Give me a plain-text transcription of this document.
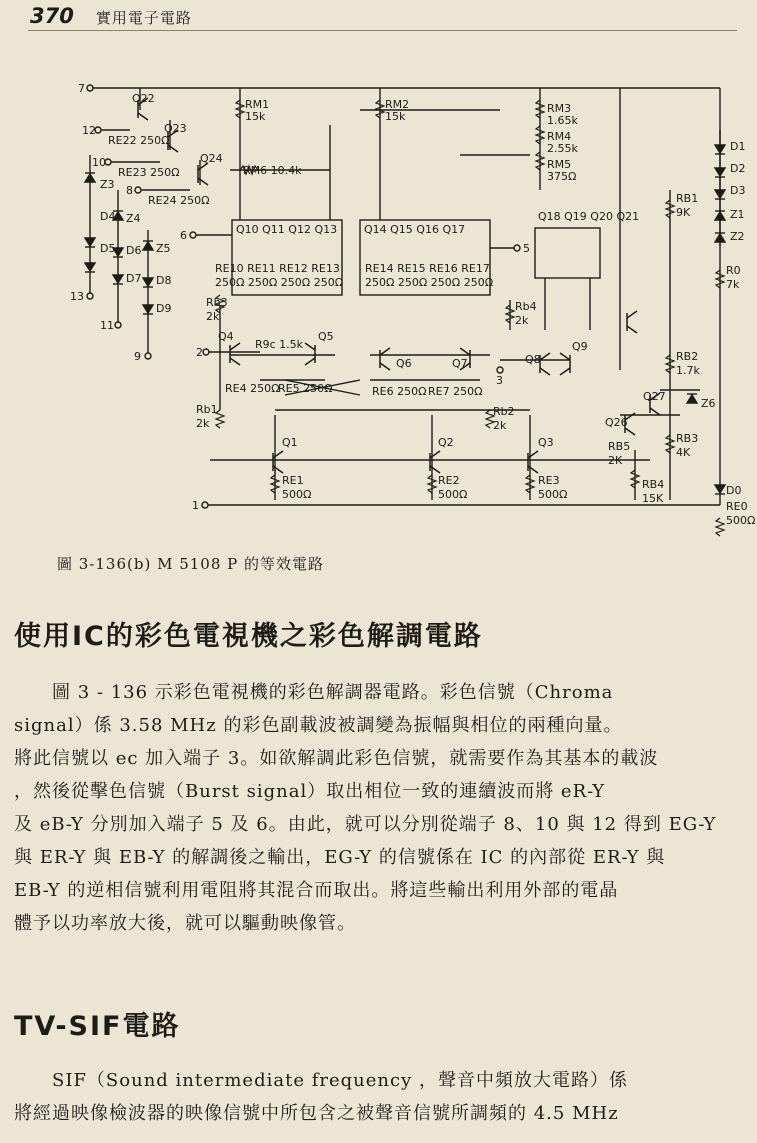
370 實用電子電路
7
12
10
8
6
13
11
9	2
5
3
1
Q22
Q23
Q24
RM1
15k
RM2
15k
RM3
1.65k
RM4
2.55k
RM5
375Ω
RM6 10.4k
RE22 250Ω
RE23 250Ω
RE24 250Ω
Q10 Q11 Q12 Q13 Q14 Q15 Q16 Q17
Q18 Q19 Q20 Q21
RE10 RE11 RE12 RE13
250Ω 250Ω 250Ω 250Ω
RE14 RE15 RE16 RE17
250Ω 250Ω 250Ω 250Ω
Z3
D4
D5
Z4
D6
D7
Z5
D8
D9	Rb3
2k
Rb4
2k
Q4
R9c 1.5k
Q5
RE4 250Ω
RE5 250Ω	RE6 250Ω RE7 250Ω
Q6	Q7	Q8
Q9
Rb1
2k
Rb2
2k
Q1	Q2	Q3
RE1
500Ω
RE2
500Ω
RE3
500Ω
RB1
9K
R0
7k
RB2
1.7k
RB3
4K
RB5
2K
RB4
15K
Q27
Q26
Z6
D1
D2
D3
Z1
Z2
D0
RE0
500Ω
圖 3-136(b) M 5108 P 的等效電路
使用IC的彩色電視機之彩色解調電路

圖 3 - 136 示彩色電視機的彩色解調器電路。彩色信號（Chroma

signal）係 3.58 MHz 的彩色副載波被調變為振幅與相位的兩種向量。

將此信號以 ec 加入端子 3。如欲解調此彩色信號，就需要作為其基本的載波

，然後從擊色信號（Burst signal）取出相位一致的連續波而將 eR-Y

及 eB-Y 分別加入端子 5 及 6。由此，就可以分別從端子 8、10 與 12 得到 EG-Y

與 ER-Y 與 EB-Y 的解調後之輸出，EG-Y 的信號係在 IC 的內部從 ER-Y 與

EB-Y 的逆相信號利用電阻將其混合而取出。將這些輸出利用外部的電晶

體予以功率放大後，就可以驅動映像管。

TV-SIF電路

SIF（Sound intermediate frequency ，聲音中頻放大電路）係

將經過映像檢波器的映像信號中所包含之被聲音信號所調頻的 4.5 MHz
